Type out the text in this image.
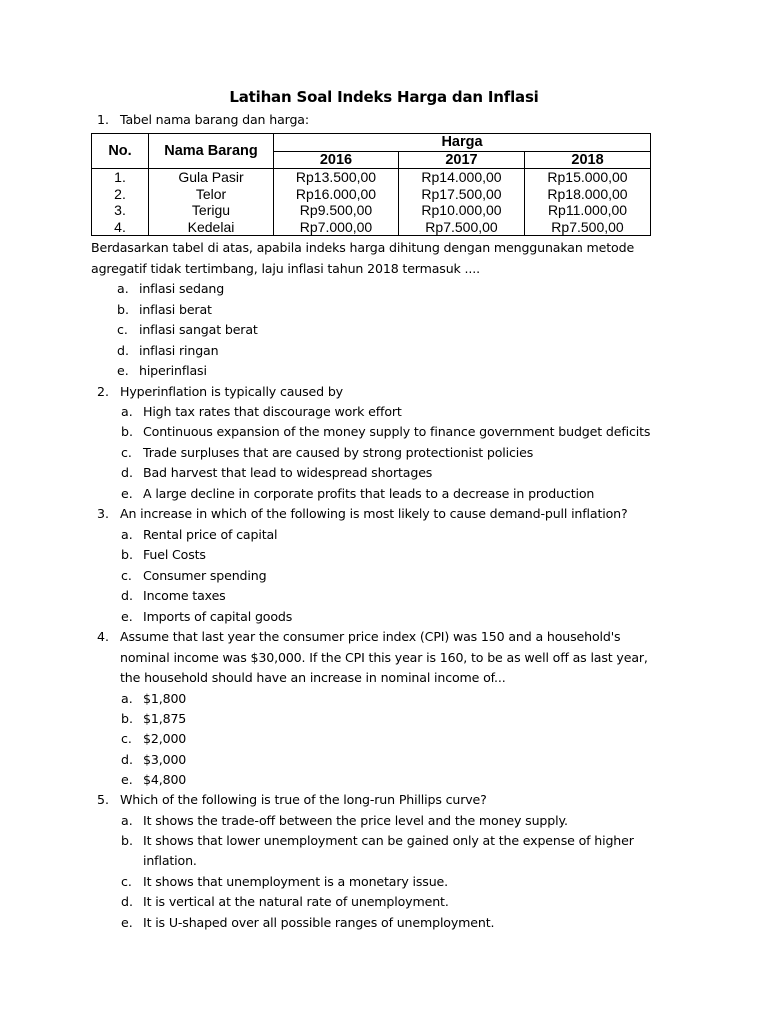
Latihan Soal Indeks Harga dan Inflasi
1. Tabel nama barang dan harga:
No.	Nama Barang	Harga		
		2016	2017	2018
1.	Gula Pasir	Rp13.500,00	Rp14.000,00	Rp15.000,00
2.	Telor	Rp16.000,00	Rp17.500,00	Rp18.000,00
3.	Terigu	Rp9.500,00	Rp10.000,00	Rp11.000,00
4.	Kedelai	Rp7.000,00	Rp7.500,00	Rp7.500,00
Berdasarkan tabel di atas, apabila indeks harga dihitung dengan menggunakan metode
agregatif tidak tertimbang, laju inflasi tahun 2018 termasuk ....
a. inflasi sedang
b. inflasi berat
c. inflasi sangat berat
d. inflasi ringan
e. hiperinflasi
2. Hyperinflation is typically caused by
a. High tax rates that discourage work effort
b. Continuous expansion of the money supply to finance government budget deficits
c. Trade surpluses that are caused by strong protectionist policies
d. Bad harvest that lead to widespread shortages
e. A large decline in corporate profits that leads to a decrease in production
3. An increase in which of the following is most likely to cause demand-pull inflation?
a. Rental price of capital
b. Fuel Costs
c. Consumer spending
d. Income taxes
e. Imports of capital goods
4. Assume that last year the consumer price index (CPI) was 150 and a household's
nominal income was $30,000. If the CPI this year is 160, to be as well off as last year,
the household should have an increase in nominal income of...
a. $1,800
b. $1,875
c. $2,000
d. $3,000
e. $4,800
5. Which of the following is true of the long-run Phillips curve?
a. It shows the trade-off between the price level and the money supply.
b. It shows that lower unemployment can be gained only at the expense of higher
inflation.
c. It shows that unemployment is a monetary issue.
d. It is vertical at the natural rate of unemployment.
e. It is U-shaped over all possible ranges of unemployment.
